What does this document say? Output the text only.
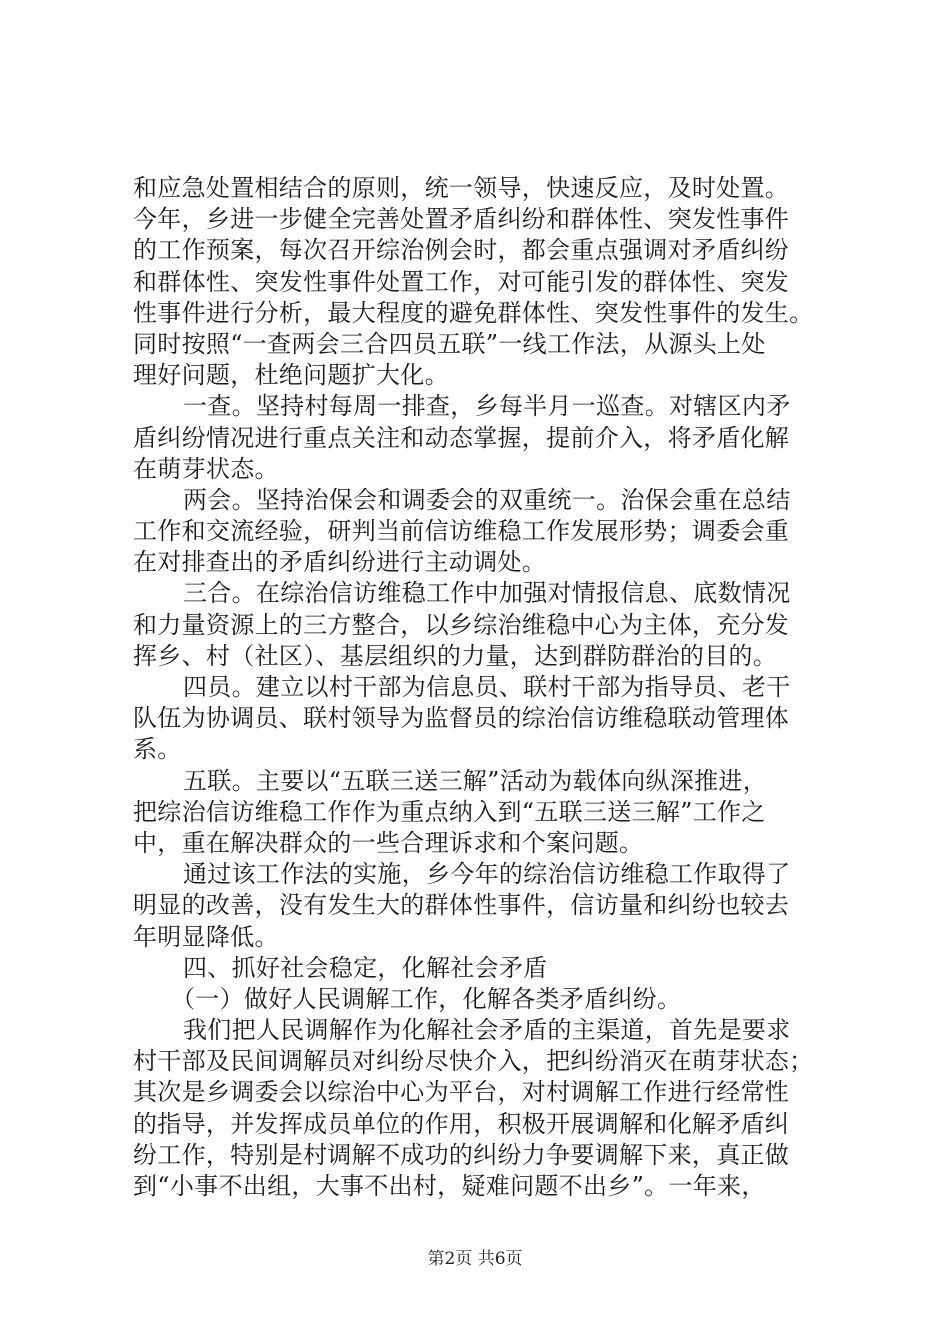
和应急处置相结合的原则，统一领导，快速反应，及时处置。
今年，乡进一步健全完善处置矛盾纠纷和群体性、突发性事件
的工作预案，每次召开综治例会时，都会重点强调对矛盾纠纷
和群体性、突发性事件处置工作，对可能引发的群体性、突发
性事件进行分析，最大程度的避免群体性、突发性事件的发生。
同时按照“一查两会三合四员五联”一线工作法，从源头上处
理好问题，杜绝问题扩大化。
一查。坚持村每周一排查，乡每半月一巡查。对辖区内矛
盾纠纷情况进行重点关注和动态掌握，提前介入，将矛盾化解
在萌芽状态。
两会。坚持治保会和调委会的双重统一。治保会重在总结
工作和交流经验，研判当前信访维稳工作发展形势；调委会重
在对排查出的矛盾纠纷进行主动调处。
三合。在综治信访维稳工作中加强对情报信息、底数情况
和力量资源上的三方整合，以乡综治维稳中心为主体，充分发
挥乡、村（社区）、基层组织的力量，达到群防群治的目的。
四员。建立以村干部为信息员、联村干部为指导员、老干
队伍为协调员、联村领导为监督员的综治信访维稳联动管理体
系。
五联。主要以“五联三送三解”活动为载体向纵深推进，
把综治信访维稳工作作为重点纳入到“五联三送三解”工作之
中，重在解决群众的一些合理诉求和个案问题。
通过该工作法的实施，乡今年的综治信访维稳工作取得了
明显的改善，没有发生大的群体性事件，信访量和纠纷也较去
年明显降低。
四、抓好社会稳定，化解社会矛盾
（一）做好人民调解工作，化解各类矛盾纠纷。
我们把人民调解作为化解社会矛盾的主渠道，首先是要求
村干部及民间调解员对纠纷尽快介入，把纠纷消灭在萌芽状态；
其次是乡调委会以综治中心为平台，对村调解工作进行经常性
的指导，并发挥成员单位的作用，积极开展调解和化解矛盾纠
纷工作，特别是村调解不成功的纠纷力争要调解下来，真正做
到“小事不出组，大事不出村，疑难问题不出乡”。一年来，
第2页 共6页
